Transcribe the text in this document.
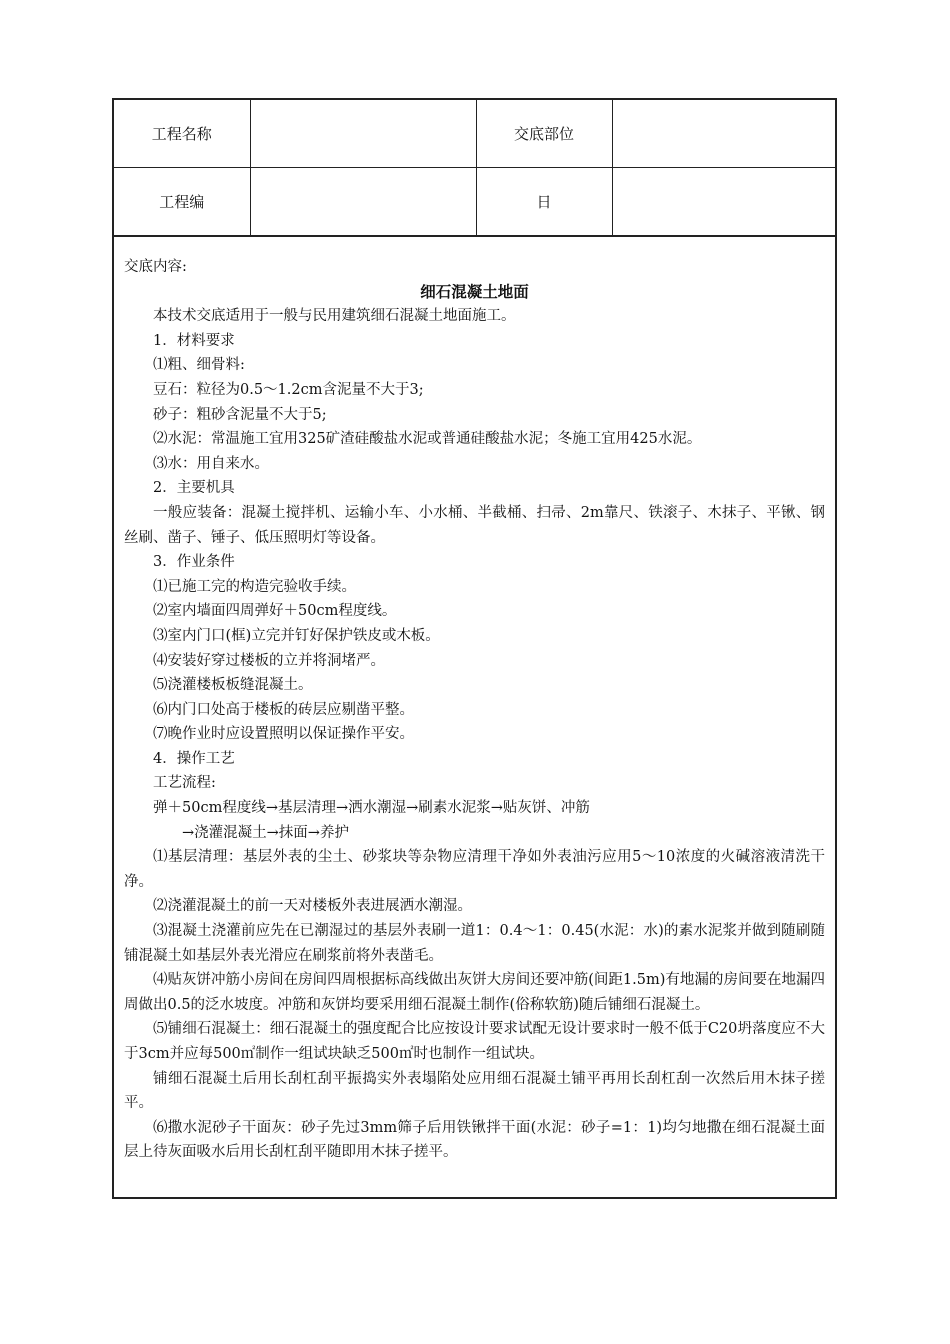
工程名称		交底部位	
工程编		日	

交底内容:

细石混凝土地面

本技术交底适用于一般与民用建筑细石混凝土地面施工。

1．材料要求

⑴粗、细骨料:

豆石：粒径为0.5～1.2cm含泥量不大于3;

砂子：粗砂含泥量不大于5;

⑵水泥：常温施工宜用325矿渣硅酸盐水泥或普通硅酸盐水泥；冬施工宜用425水泥。

⑶水：用自来水。

2．主要机具

一般应装备：混凝土搅拌机、运输小车、小水桶、半截桶、扫帚、2m靠尺、铁滚子、木抹子、平锹、钢丝刷、凿子、锤子、低压照明灯等设备。

3．作业条件

⑴已施工完的构造完验收手续。

⑵室内墙面四周弹好＋50cm程度线。

⑶室内门口(框)立完并钉好保护铁皮或木板。

⑷安装好穿过楼板的立并将洞堵严。

⑸浇灌楼板板缝混凝土。

⑹内门口处高于楼板的砖层应剔凿平整。

⑺晚作业时应设置照明以保证操作平安。

4．操作工艺

工艺流程:

弹＋50cm程度线→基层清理→洒水潮湿→刷素水泥浆→贴灰饼、冲筋

→浇灌混凝土→抹面→养护

⑴基层清理：基层外表的尘土、砂浆块等杂物应清理干净如外表油污应用5～10浓度的火碱溶液清洗干净。

⑵浇灌混凝土的前一天对楼板外表进展洒水潮湿。

⑶混凝土浇灌前应先在已潮湿过的基层外表刷一道1：0.4～1：0.45(水泥：水)的素水泥浆并做到随刷随铺混凝土如基层外表光滑应在刷浆前将外表凿毛。

⑷贴灰饼冲筋小房间在房间四周根据标高线做出灰饼大房间还要冲筋(间距1.5m)有地漏的房间要在地漏四周做出0.5的泛水坡度。冲筋和灰饼均要采用细石混凝土制作(俗称软筋)随后铺细石混凝土。

⑸铺细石混凝土：细石混凝土的强度配合比应按设计要求试配无设计要求时一般不低于C20坍落度应不大于3cm并应每500㎡制作一组试块缺乏500㎡时也制作一组试块。

铺细石混凝土后用长刮杠刮平振捣实外表塌陷处应用细石混凝土铺平再用长刮杠刮一次然后用木抹子搓平。

⑹撒水泥砂子干面灰：砂子先过3mm筛子后用铁锹拌干面(水泥：砂子=1：1)均匀地撒在细石混凝土面层上待灰面吸水后用长刮杠刮平随即用木抹子搓平。
